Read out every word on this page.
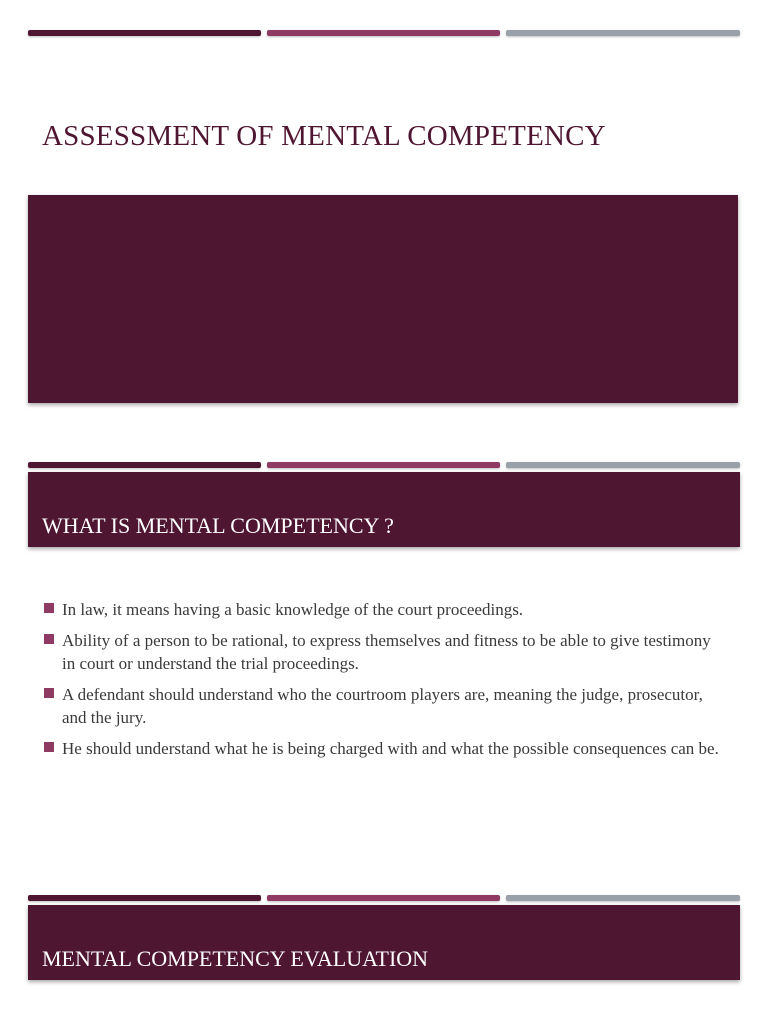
ASSESSMENT OF MENTAL COMPETENCY
WHAT IS MENTAL COMPETENCY ?
In law, it means having a basic knowledge of the court proceedings.
Ability of a person to be rational, to express themselves and fitness to be able to give testimony in court or understand the trial proceedings.
A defendant should understand who the courtroom players are, meaning the judge, prosecutor, and the jury.
He should understand what he is being charged with and what the possible consequences can be.
MENTAL COMPETENCY EVALUATION
